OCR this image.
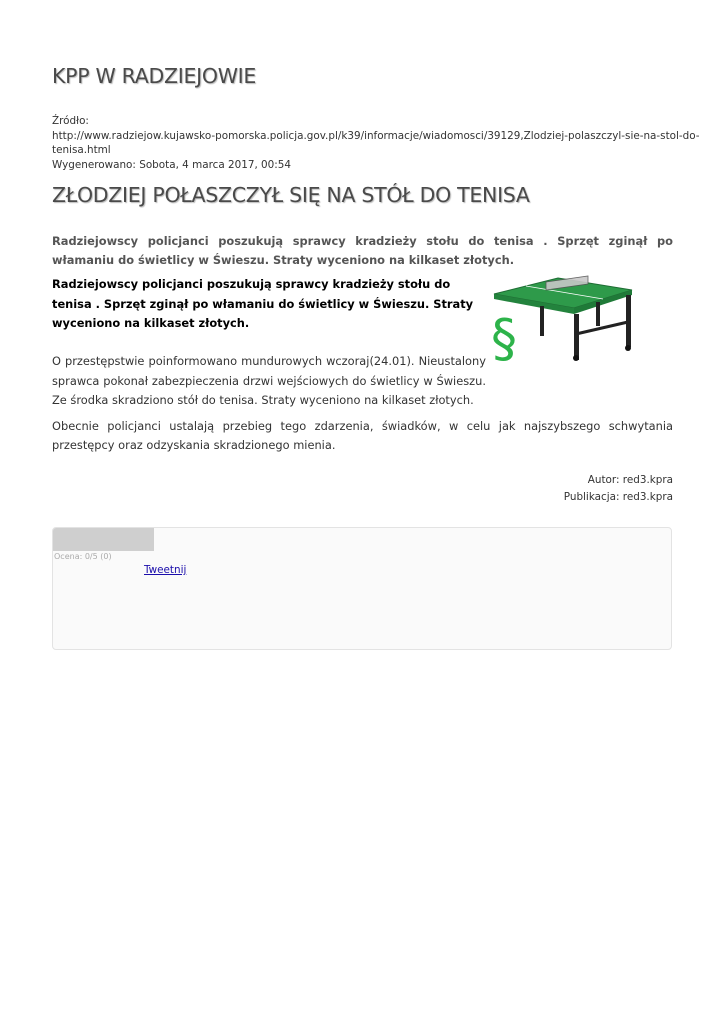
KPP W RADZIEJOWIE
Źródło:
http://www.radziejow.kujawsko-pomorska.policja.gov.pl/k39/informacje/wiadomosci/39129,Zlodziej-polaszczyl-sie-na-stol-do-
tenisa.html
Wygenerowano: Sobota, 4 marca 2017, 00:54
ZŁODZIEJ POŁASZCZYŁ SIĘ NA STÓŁ DO TENISA
Radziejowscy policjanci poszukują sprawcy kradzieży stołu do tenisa . Sprzęt zginął po włamaniu do świetlicy w Świeszu. Straty wyceniono na kilkaset złotych.
Radziejowscy policjanci poszukują sprawcy kradzieży stołu do tenisa . Sprzęt zginął po włamaniu do świetlicy w Świeszu. Straty wyceniono na kilkaset złotych.	§
O przestępstwie poinformowano mundurowych wczoraj(24.01). Nieustalony sprawca pokonał zabezpieczenia drzwi wejściowych do świetlicy w Świeszu. Ze środka skradziono stół do tenisa. Straty wyceniono na kilkaset złotych.
Obecnie policjanci ustalają przebieg tego zdarzenia, świadków, w celu jak najszybszego schwytania przestępcy oraz odzyskania skradzionego mienia.
Autor: red3.kpra
Publikacja: red3.kpra
Ocena: 0/5 (0)
Tweetnij
